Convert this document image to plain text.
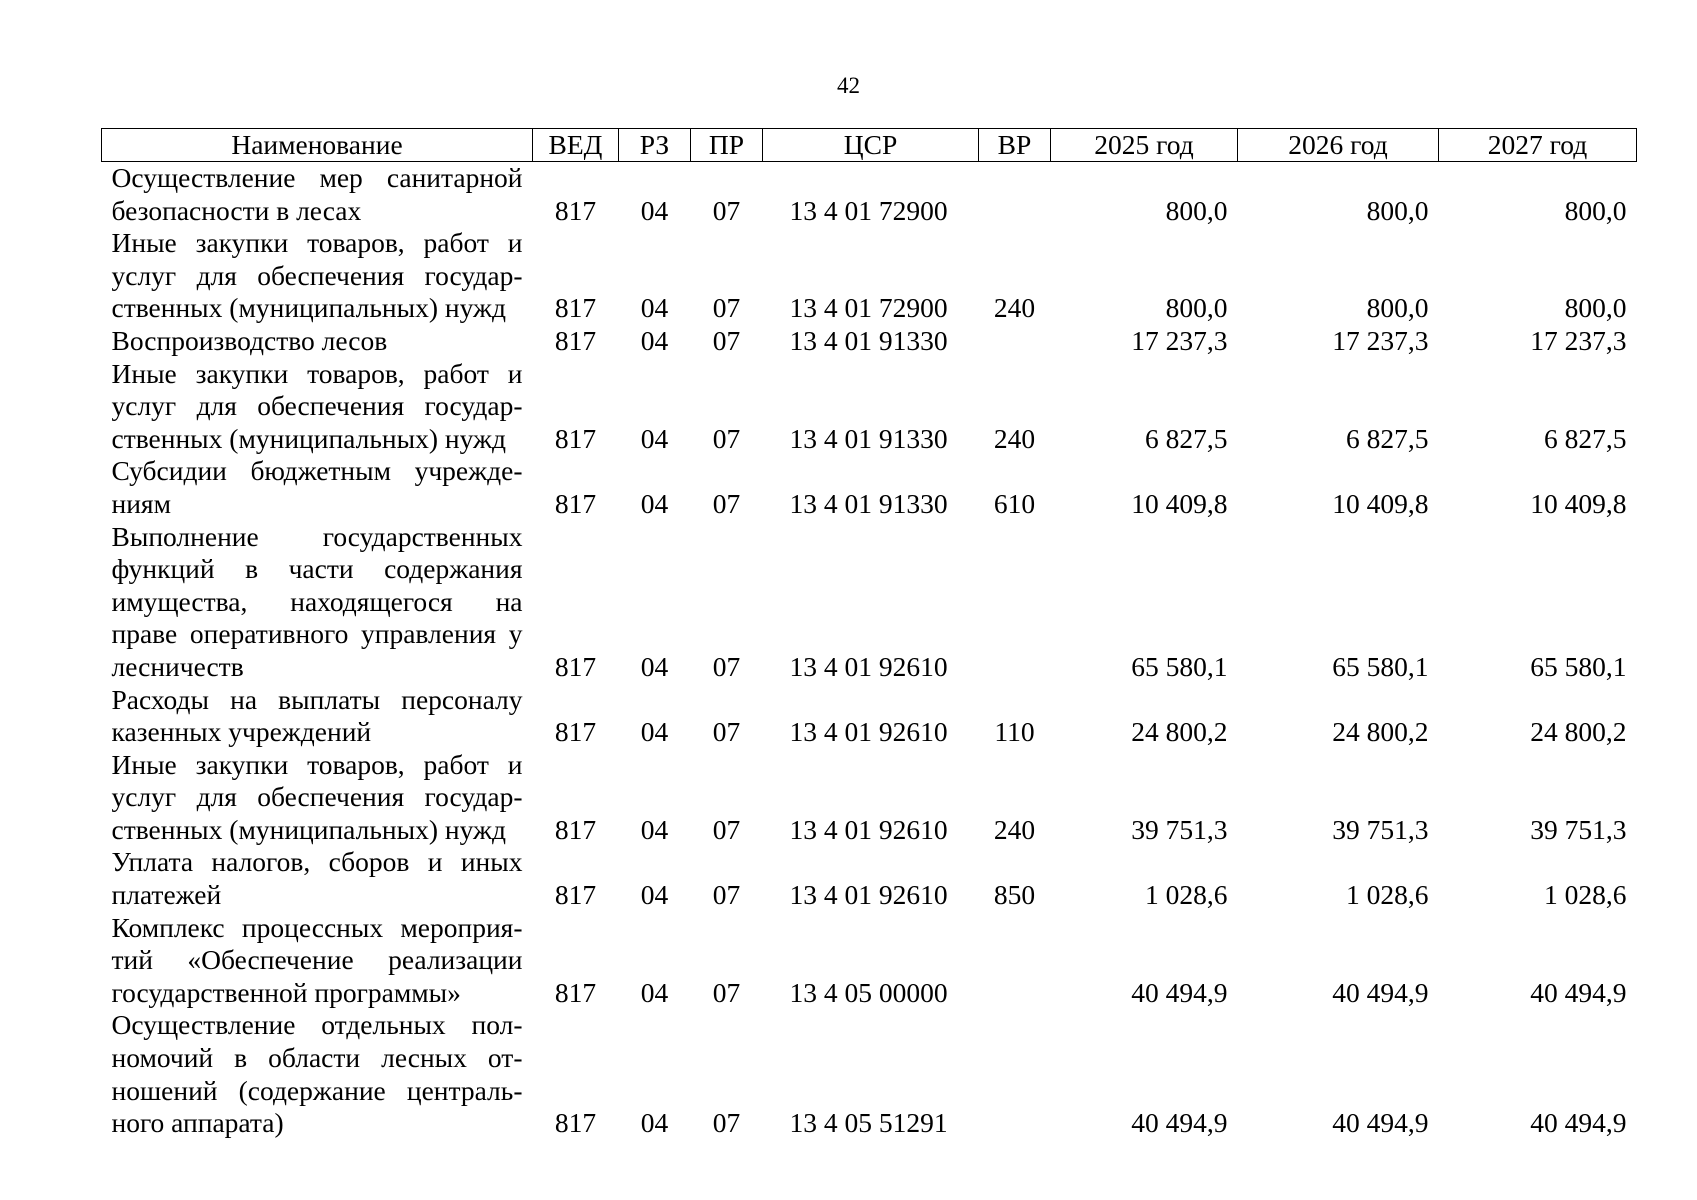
42
Наименование	ВЕД	РЗ	ПР	ЦСР	ВР	2025 год	2026 год	2027 год
Осуществление мер санитарной безопасности в лесах	817	04	07	13 4 01 72900		800,0	800,0	800,0
Иные закупки товаров, работ и услуг для обеспечения государственных (муниципальных) нужд	817	04	07	13 4 01 72900	240	800,0	800,0	800,0
Воспроизводство лесов	817	04	07	13 4 01 91330		17 237,3	17 237,3	17 237,3
Иные закупки товаров, работ и услуг для обеспечения государственных (муниципальных) нужд	817	04	07	13 4 01 91330	240	6 827,5	6 827,5	6 827,5
Субсидии бюджетным учреждениям	817	04	07	13 4 01 91330	610	10 409,8	10 409,8	10 409,8
Выполнение государственных функций в части содержания имущества, находящегося на праве оперативного управления у лесничеств	817	04	07	13 4 01 92610		65 580,1	65 580,1	65 580,1
Расходы на выплаты персоналу казенных учреждений	817	04	07	13 4 01 92610	110	24 800,2	24 800,2	24 800,2
Иные закупки товаров, работ и услуг для обеспечения государственных (муниципальных) нужд	817	04	07	13 4 01 92610	240	39 751,3	39 751,3	39 751,3
Уплата налогов, сборов и иных платежей	817	04	07	13 4 01 92610	850	1 028,6	1 028,6	1 028,6
Комплекс процессных мероприятий «Обеспечение реализации государственной программы»	817	04	07	13 4 05 00000		40 494,9	40 494,9	40 494,9
Осуществление отдельных полномочий в области лесных отношений (содержание центрального аппарата)	817	04	07	13 4 05 51291		40 494,9	40 494,9	40 494,9
